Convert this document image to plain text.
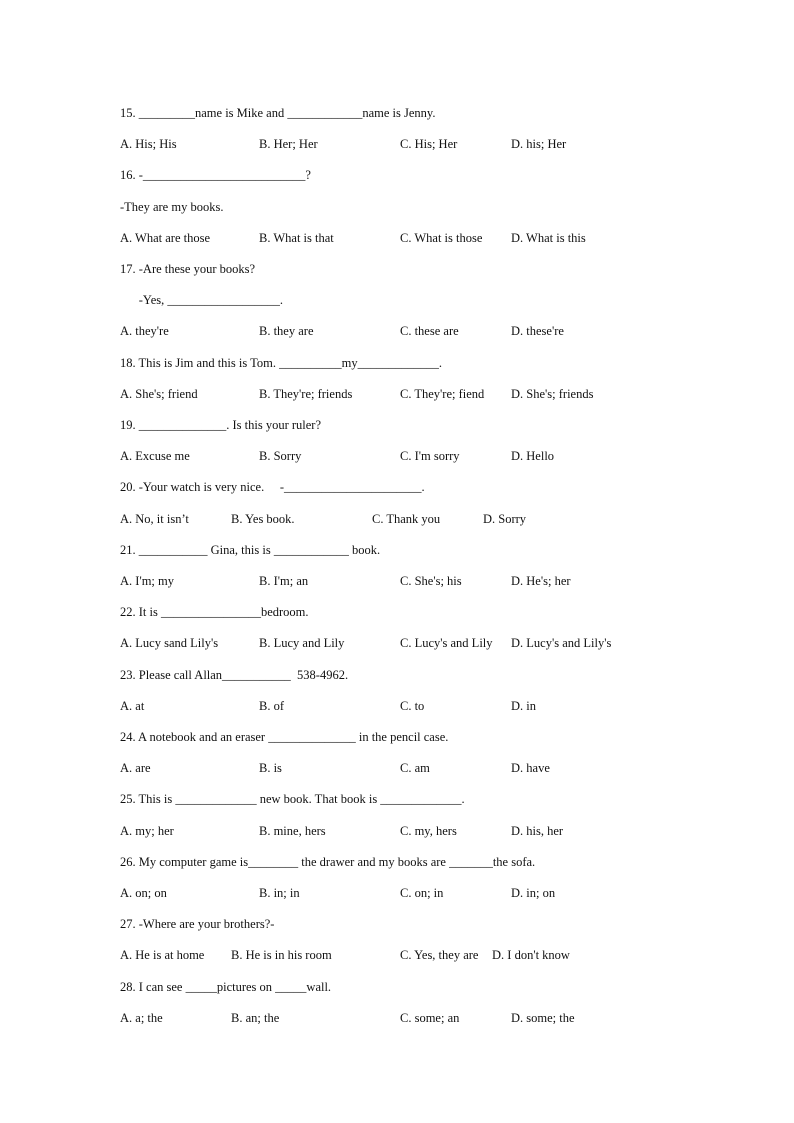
15. _________name is Mike and ____________name is Jenny.
A. His; His	B. Her; Her	C. His; Her	D. his; Her
16. -__________________________?
-They are my books.
A. What are those	B. What is that	C. What is those D. What is this
17. -Are these your books?
-Yes, __________________.
A. they're	B. they are	C. these are	D. these're
18. This is Jim and this is Tom. __________my_____________.
A. She's; friend	B. They're; friends	C. They're; fiend D. She's; friends
19. ______________. Is this your ruler?
A. Excuse me	B. Sorry	C. I'm sorry	D. Hello
20. -Your watch is very nice.     -______________________.
A. No, it isn’t	B. Yes book.	C. Thank you	D. Sorry
21. ___________ Gina, this is ____________ book.
A. I'm; my	B. I'm; an	C. She's; his	D. He's; her
22. It is ________________bedroom.
A. Lucy sand Lily's	B. Lucy and Lily	C. Lucy's and Lily D. Lucy's and Lily's
23. Please call Allan___________  538-4962.
A. at	B. of	C. to	D. in
24. A notebook and an eraser ______________ in the pencil case.
A. are	B. is	C. am	D. have
25. This is _____________ new book. That book is _____________.
A. my; her	B. mine, hers	C. my, hers	D. his, her
26. My computer game is________ the drawer and my books are _______the sofa.
A. on; on	B. in; in	C. on; in	D. in; on
27. -Where are your brothers?-
A. He is at home B. He is in his room	C. Yes, they are D. I don't know
28. I can see _____pictures on _____wall.
A. a; the	B. an; the	C. some; an	D. some; the
